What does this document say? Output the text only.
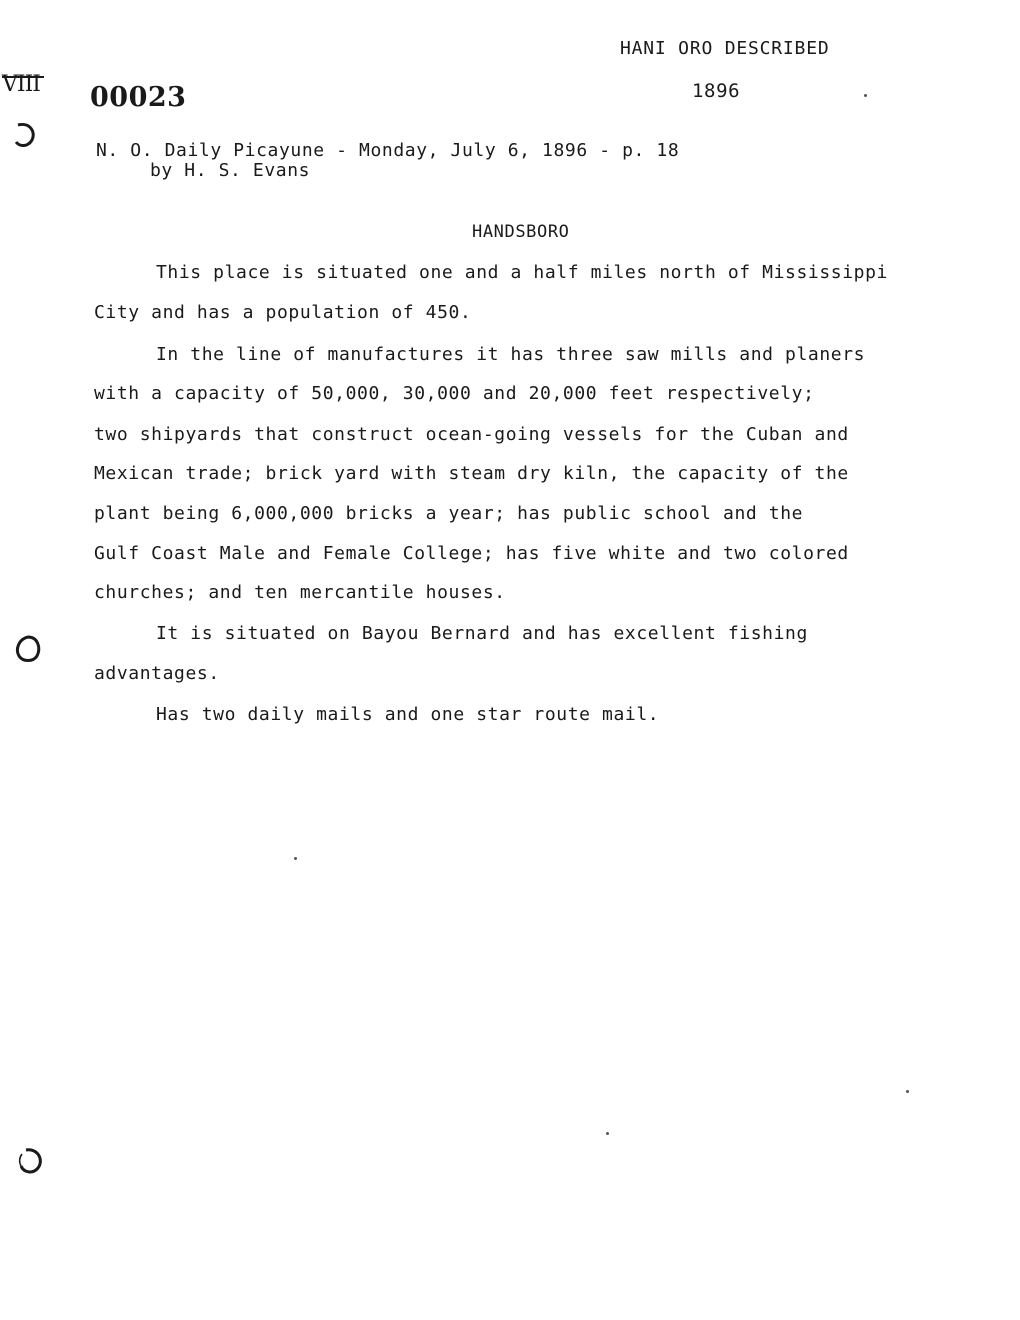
HANI ORO DESCRIBED
1896
VIII 00023
N. O. Daily Picayune - Monday, July 6, 1896 - p. 18
by H. S. Evans
HANDSBORO
This place is situated one and a half miles north of Mississippi
City and has a population of 450.
In the line of manufactures it has three saw mills and planers
with a capacity of 50,000, 30,000 and 20,000 feet respectively;
two shipyards that construct ocean-going vessels for the Cuban and
Mexican trade; brick yard with steam dry kiln, the capacity of the
plant being 6,000,000 bricks a year; has public school and the
Gulf Coast Male and Female College; has five white and two colored
churches; and ten mercantile houses.
It is situated on Bayou Bernard and has excellent fishing
advantages.
Has two daily mails and one star route mail.
